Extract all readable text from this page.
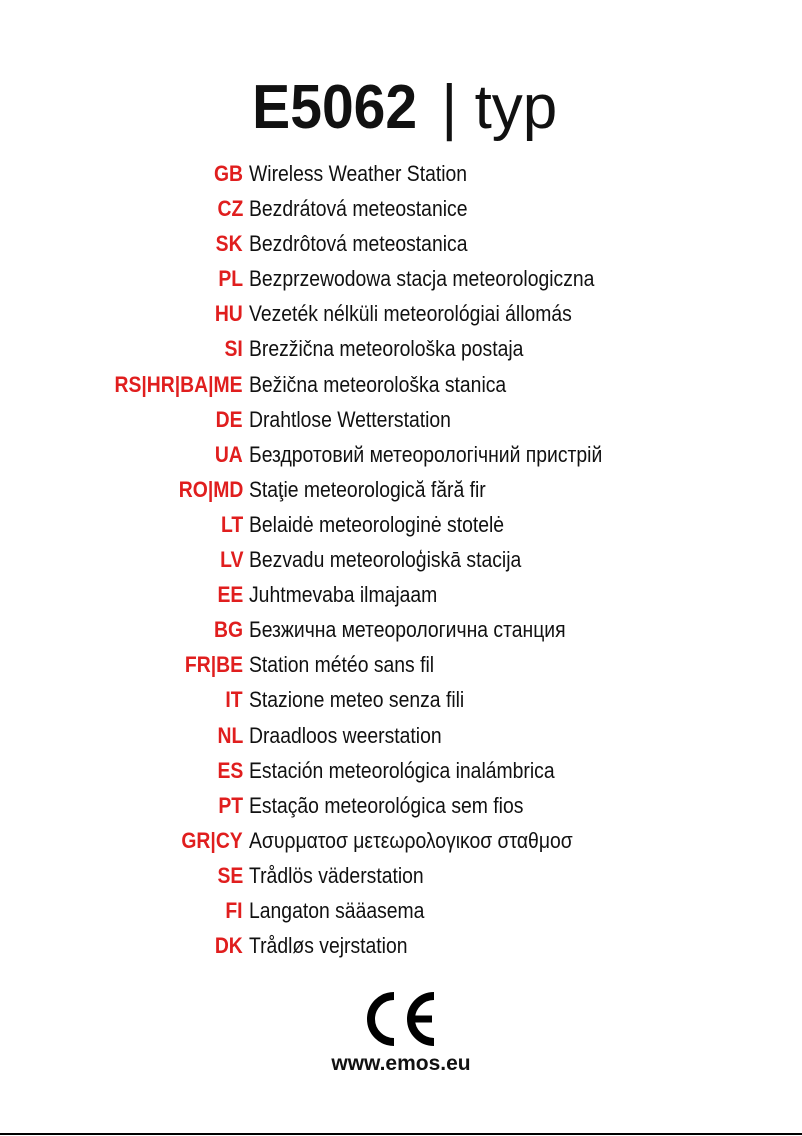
E5062 | typ
GB Wireless Weather Station
CZ Bezdrátová meteostanice
SK Bezdrôtová meteostanica
PL Bezprzewodowa stacja meteorologiczna
HU Vezeték nélküli meteorológiai állomás
SI Brezžična meteorološka postaja
RS|HR|BA|ME Bežična meteorološka stanica
DE Drahtlose Wetterstation
UA Бездротовий метеорологічний пристрій
RO|MD Staţie meteorologică fără fir
LT Belaidė meteorologinė stotelė
LV Bezvadu meteoroloģiskā stacija
EE Juhtmevaba ilmajaam
BG Безжична метеорологична станция
FR|BE Station météo sans fil
IT Stazione meteo senza fili
NL Draadloos weerstation
ES Estación meteorológica inalámbrica
PT Estação meteorológica sem fios
GR|CY Ασυρματοσ μετεωρολογικοσ σταθμοσ
SE Trådlös väderstation
FI Langaton sääasema
DK Trådløs vejrstation
www.emos.eu
